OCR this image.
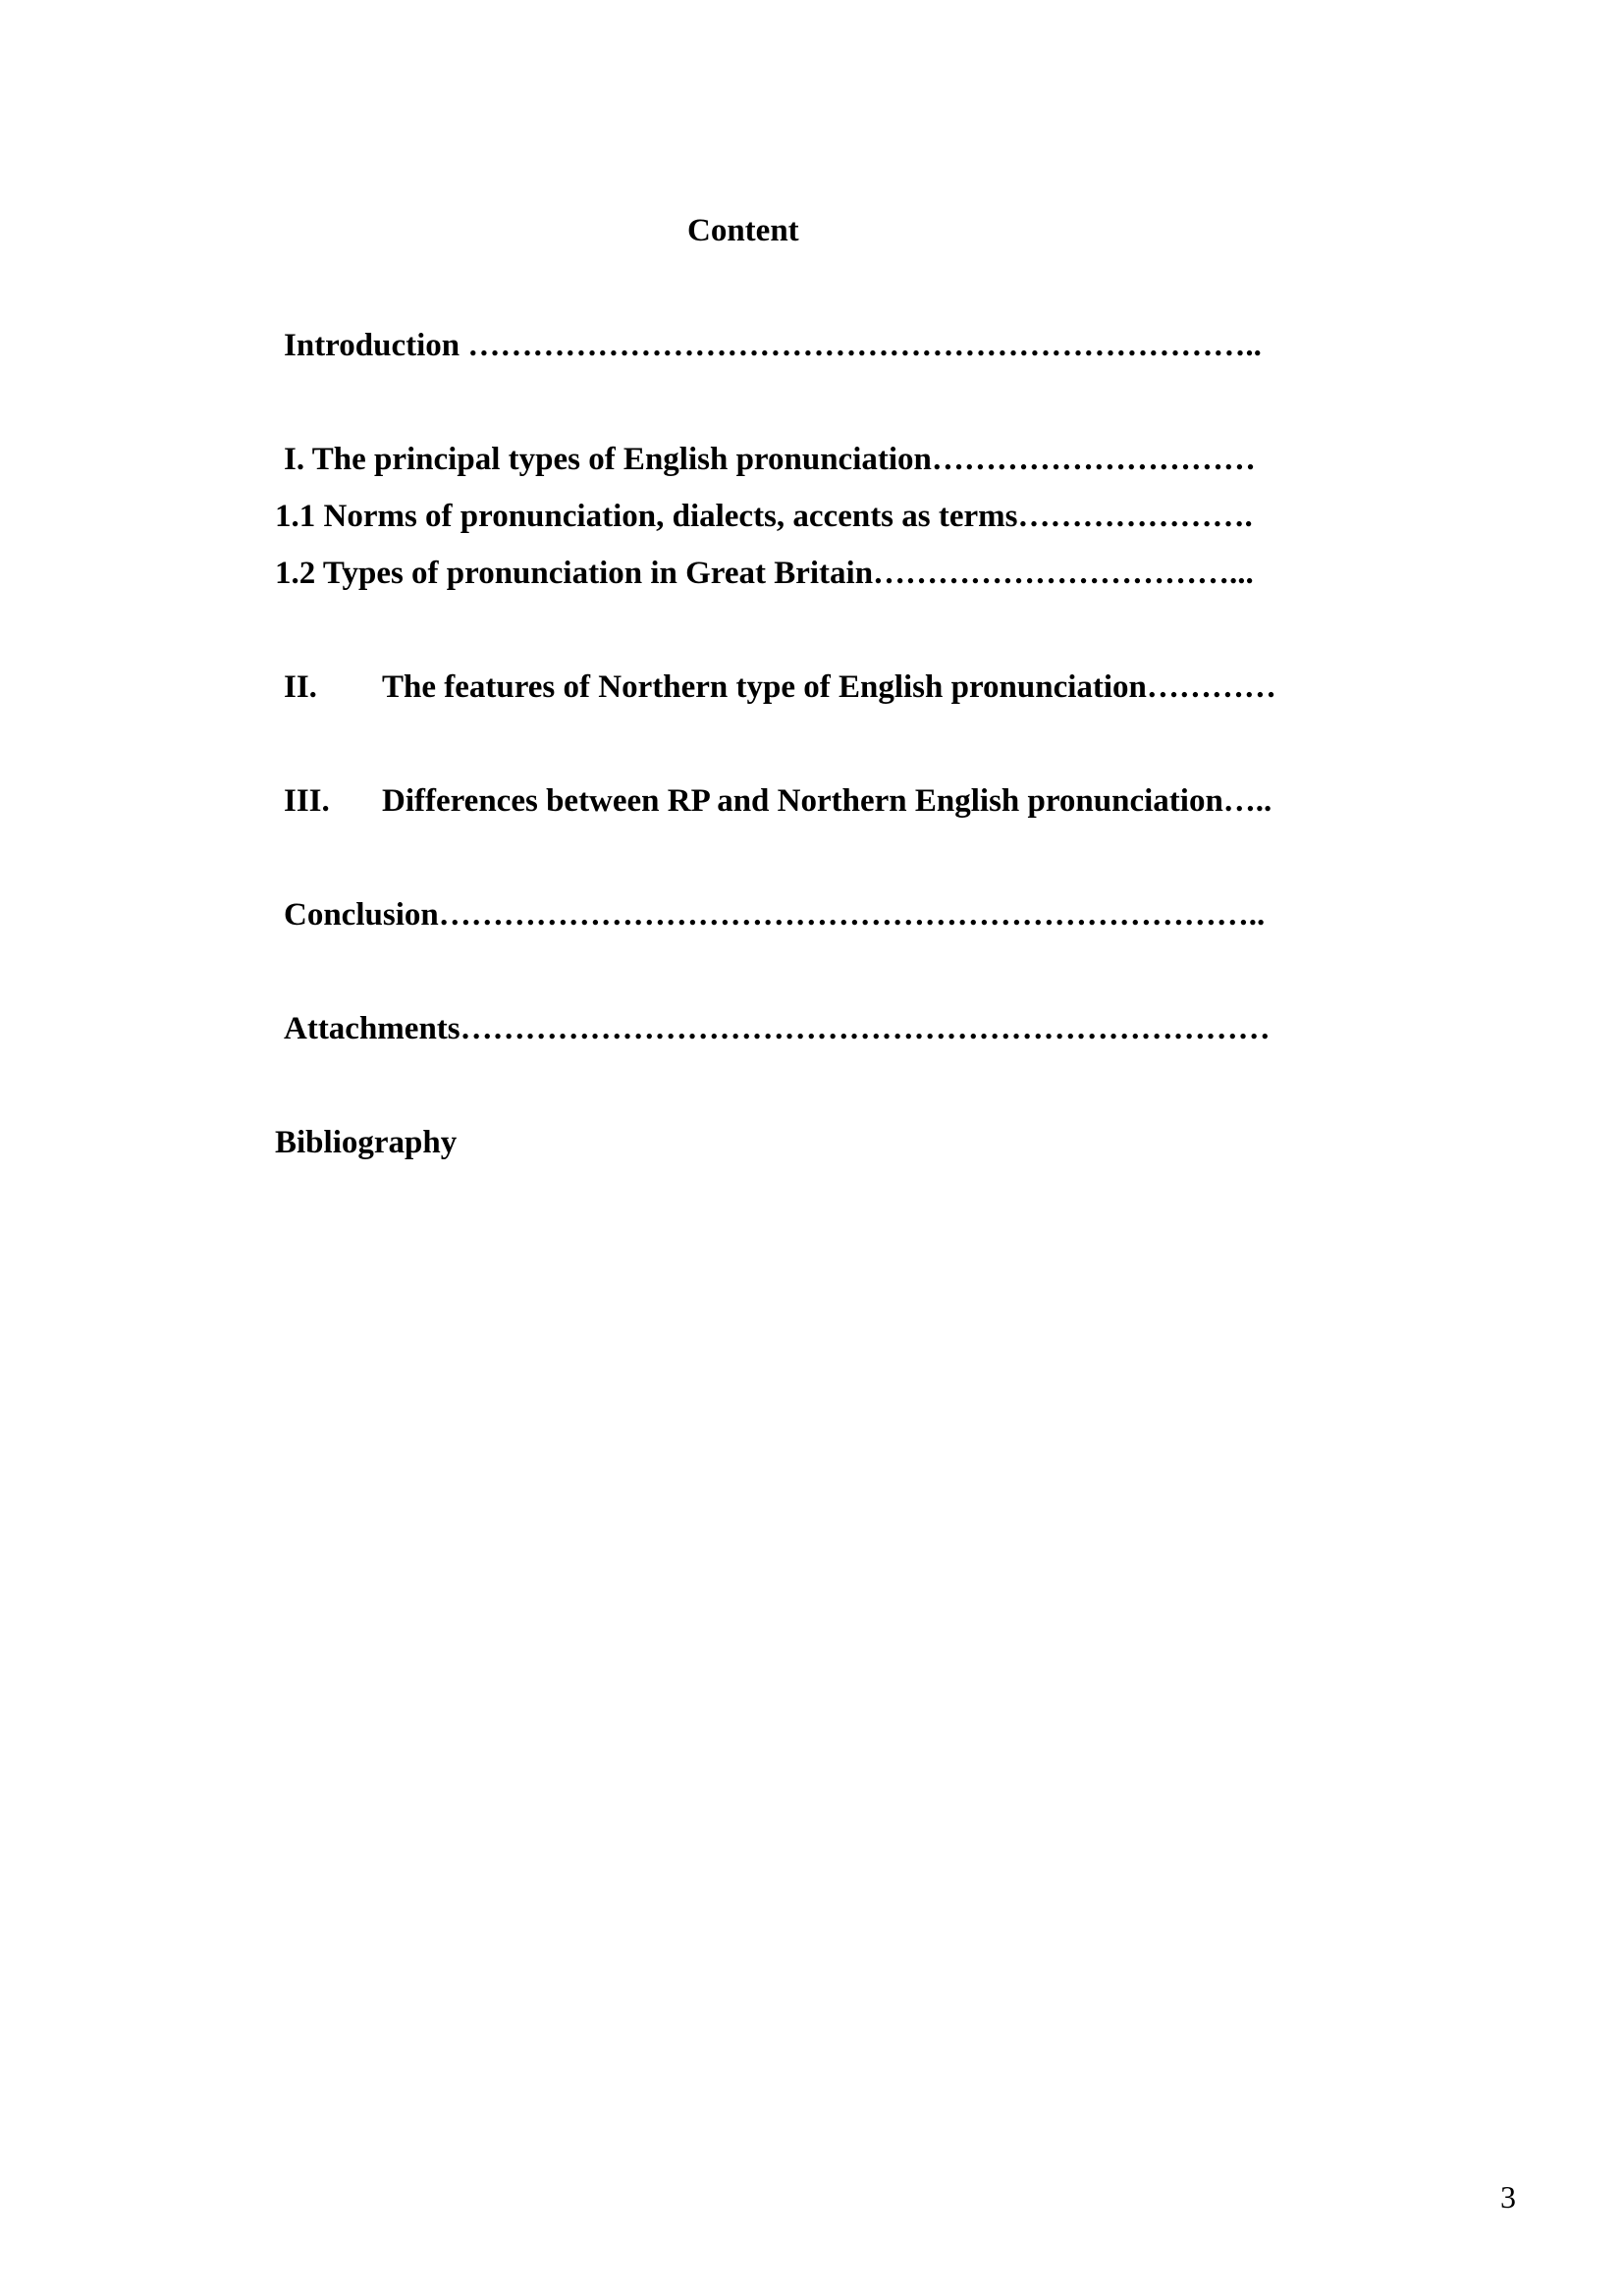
Content
Introduction ………………………………………………………………..
I. The principal types of English pronunciation…………………………
1.1 Norms of pronunciation, dialects, accents as terms………………….
1.2 Types of pronunciation in Great Britain……………………………...
II. The features of Northern type of English pronunciation…………
III. Differences between RP and Northern English pronunciation…..
Conclusion…………………………………………………………………..
Attachments…………………………………………………………………
Bibliography
3
